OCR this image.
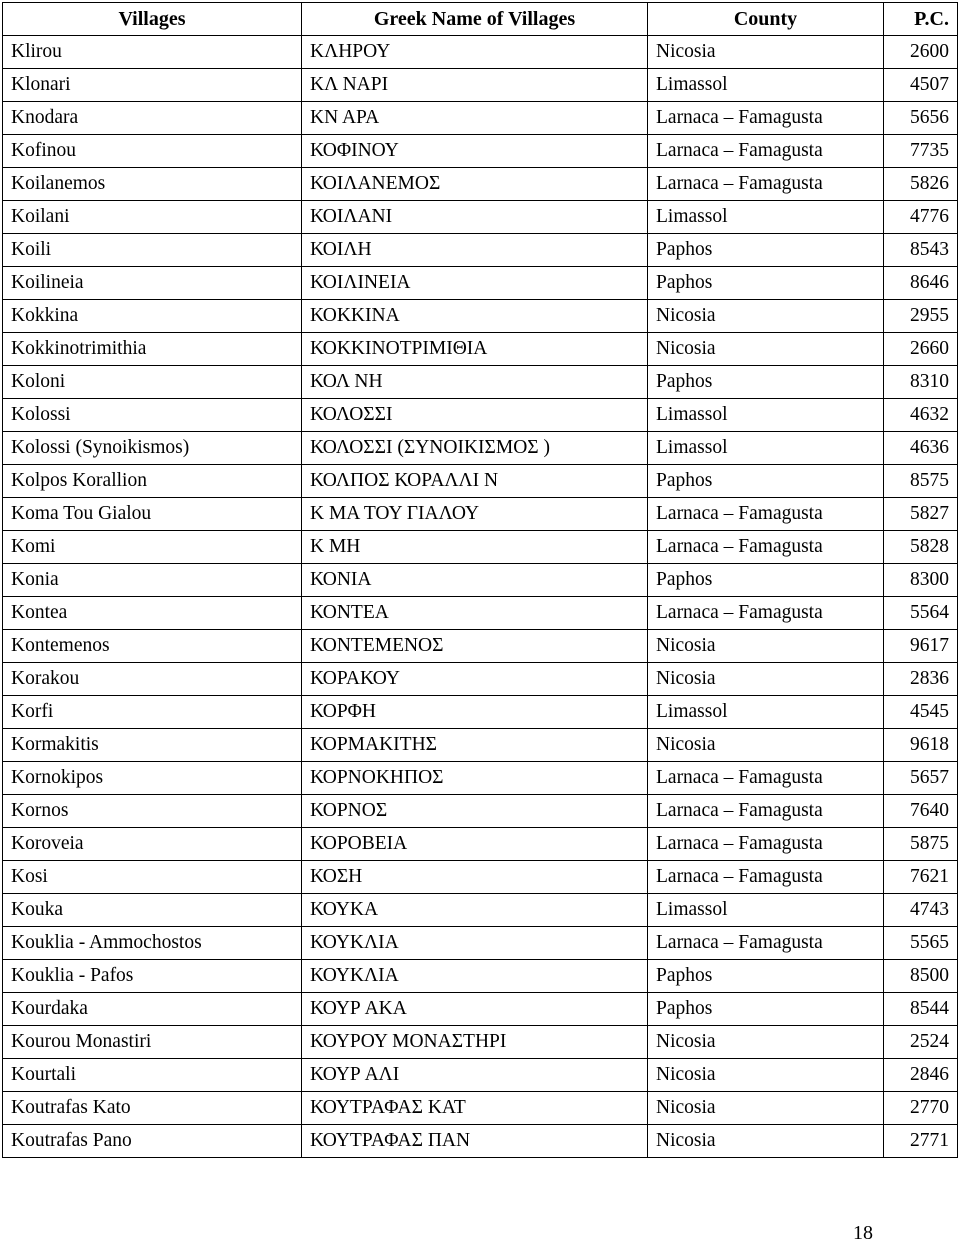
Villages	Greek Name of Villages	County	P.C.
Klirou	ΚΛΗΡΟΥ	Nicosia	2600
Klonari	ΚΛ ΝΑΡΙ	Limassol	4507
Knodara	ΚΝ ΑΡΑ	Larnaca – Famagusta	5656
Kofinou	ΚΟΦΙΝΟΥ	Larnaca – Famagusta	7735
Koilanemos	ΚΟΙΛΑΝΕΜΟΣ	Larnaca – Famagusta	5826
Koilani	ΚΟΙΛΑΝΙ	Limassol	4776
Koili	ΚΟΙΛΗ	Paphos	8543
Koilineia	ΚΟΙΛΙΝΕΙΑ	Paphos	8646
Kokkina	ΚΟΚΚΙΝΑ	Nicosia	2955
Kokkinotrimithia	ΚΟΚΚΙΝΟΤΡΙΜΙΘΙΑ	Nicosia	2660
Koloni	ΚΟΛ ΝΗ	Paphos	8310
Kolossi	ΚΟΛΟΣΣΙ	Limassol	4632
Kolossi (Synoikismos)	ΚΟΛΟΣΣΙ (ΣΥΝΟΙΚΙΣΜΟΣ )	Limassol	4636
Kolpos Korallion	ΚΟΛΠΟΣ ΚΟΡΑΛΛΙ Ν	Paphos	8575
Koma Tou Gialou	Κ ΜΑ ΤΟΥ ΓΙΑΛΟΥ	Larnaca – Famagusta	5827
Komi	Κ ΜΗ	Larnaca – Famagusta	5828
Konia	ΚΟΝΙΑ	Paphos	8300
Kontea	ΚΟΝΤΕΑ	Larnaca – Famagusta	5564
Kontemenos	ΚΟΝΤΕΜΕΝΟΣ	Nicosia	9617
Korakou	ΚΟΡΑΚΟΥ	Nicosia	2836
Korfi	ΚΟΡΦΗ	Limassol	4545
Kormakitis	ΚΟΡΜΑΚΙΤΗΣ	Nicosia	9618
Kornokipos	ΚΟΡΝΟΚΗΠΟΣ	Larnaca – Famagusta	5657
Kornos	ΚΟΡΝΟΣ	Larnaca – Famagusta	7640
Koroveia	ΚΟΡΟΒΕΙΑ	Larnaca – Famagusta	5875
Kosi	ΚΟΣΗ	Larnaca – Famagusta	7621
Kouka	ΚΟΥΚΑ	Limassol	4743
Kouklia - Ammochostos	ΚΟΥΚΛΙΑ	Larnaca – Famagusta	5565
Kouklia - Pafos	ΚΟΥΚΛΙΑ	Paphos	8500
Kourdaka	ΚΟΥΡ ΑΚΑ	Paphos	8544
Kourou Monastiri	ΚΟΥΡΟΥ ΜΟΝΑΣΤΗΡΙ	Nicosia	2524
Kourtali	ΚΟΥΡ ΑΛΙ	Nicosia	2846
Koutrafas Kato	ΚΟΥΤΡΑΦΑΣ ΚΑΤ	Nicosia	2770
Koutrafas Pano	ΚΟΥΤΡΑΦΑΣ ΠΑΝ	Nicosia	2771
18
